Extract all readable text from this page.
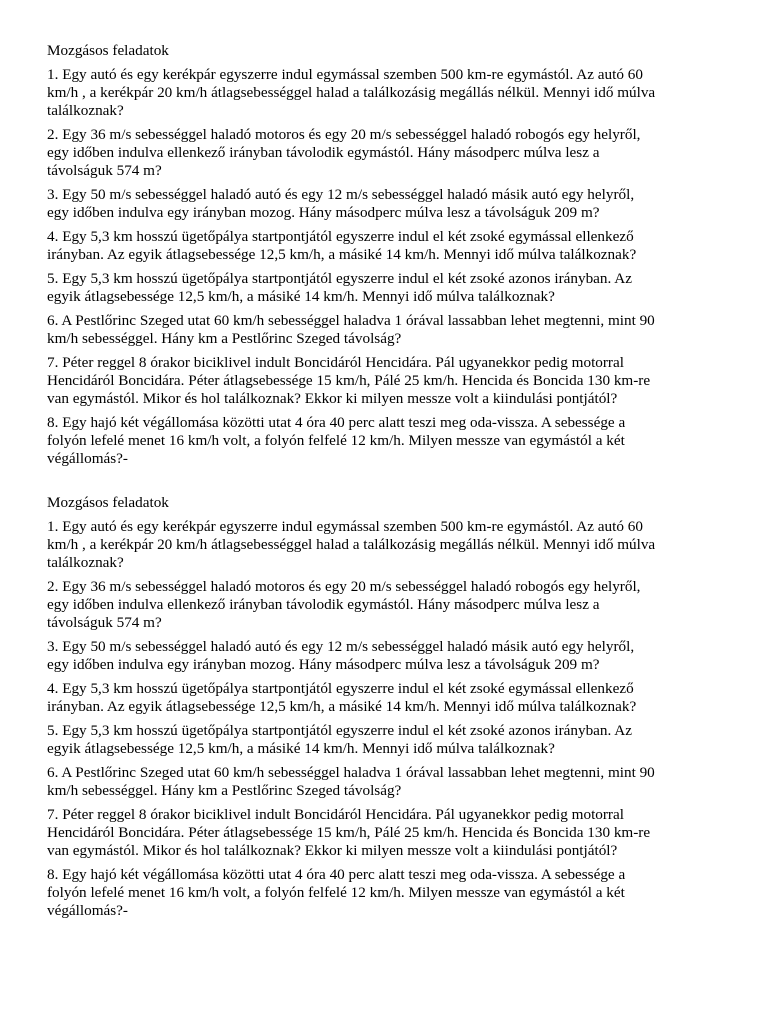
Mozgásos feladatok

1. Egy autó és egy kerékpár egyszerre indul egymással szemben 500 km-re egymástól. Az autó 60
km/h , a kerékpár 20 km/h átlagsebességgel halad a találkozásig megállás nélkül. Mennyi idő múlva
találkoznak?

2. Egy 36 m/s sebességgel haladó motoros és egy 20 m/s sebességgel haladó robogós egy helyről,
egy időben indulva ellenkező irányban távolodik egymástól. Hány másodperc múlva lesz a
távolságuk 574 m?

3. Egy 50 m/s sebességgel haladó autó és egy 12 m/s sebességgel haladó másik autó egy helyről,
egy időben indulva egy irányban mozog. Hány másodperc múlva lesz a távolságuk 209 m?

4. Egy 5,3 km hosszú ügetőpálya startpontjától egyszerre indul el két zsoké egymással ellenkező
irányban. Az egyik átlagsebessége 12,5 km/h, a másiké 14 km/h. Mennyi idő múlva találkoznak?

5. Egy 5,3 km hosszú ügetőpálya startpontjától egyszerre indul el két zsoké azonos irányban. Az
egyik átlagsebessége 12,5 km/h, a másiké 14 km/h. Mennyi idő múlva találkoznak?

6. A Pestlőrinc Szeged utat 60 km/h sebességgel haladva 1 órával lassabban lehet megtenni, mint 90
km/h sebességgel. Hány km a Pestlőrinc Szeged távolság?

7. Péter reggel 8 órakor biciklivel indult Boncidáról Hencidára. Pál ugyanekkor pedig motorral
Hencidáról Boncidára. Péter átlagsebessége 15 km/h, Pálé 25 km/h. Hencida és Boncida 130 km-re
van egymástól. Mikor és hol találkoznak? Ekkor ki milyen messze volt a kiindulási pontjától?

8. Egy hajó két végállomása közötti utat 4 óra 40 perc alatt teszi meg oda-vissza. A sebessége a
folyón lefelé menet 16 km/h volt, a folyón felfelé 12 km/h. Milyen messze van egymástól a két
végállomás?-

Mozgásos feladatok

1. Egy autó és egy kerékpár egyszerre indul egymással szemben 500 km-re egymástól. Az autó 60
km/h , a kerékpár 20 km/h átlagsebességgel halad a találkozásig megállás nélkül. Mennyi idő múlva
találkoznak?

2. Egy 36 m/s sebességgel haladó motoros és egy 20 m/s sebességgel haladó robogós egy helyről,
egy időben indulva ellenkező irányban távolodik egymástól. Hány másodperc múlva lesz a
távolságuk 574 m?

3. Egy 50 m/s sebességgel haladó autó és egy 12 m/s sebességgel haladó másik autó egy helyről,
egy időben indulva egy irányban mozog. Hány másodperc múlva lesz a távolságuk 209 m?

4. Egy 5,3 km hosszú ügetőpálya startpontjától egyszerre indul el két zsoké egymással ellenkező
irányban. Az egyik átlagsebessége 12,5 km/h, a másiké 14 km/h. Mennyi idő múlva találkoznak?

5. Egy 5,3 km hosszú ügetőpálya startpontjától egyszerre indul el két zsoké azonos irányban. Az
egyik átlagsebessége 12,5 km/h, a másiké 14 km/h. Mennyi idő múlva találkoznak?

6. A Pestlőrinc Szeged utat 60 km/h sebességgel haladva 1 órával lassabban lehet megtenni, mint 90
km/h sebességgel. Hány km a Pestlőrinc Szeged távolság?

7. Péter reggel 8 órakor biciklivel indult Boncidáról Hencidára. Pál ugyanekkor pedig motorral
Hencidáról Boncidára. Péter átlagsebessége 15 km/h, Pálé 25 km/h. Hencida és Boncida 130 km-re
van egymástól. Mikor és hol találkoznak? Ekkor ki milyen messze volt a kiindulási pontjától?

8. Egy hajó két végállomása közötti utat 4 óra 40 perc alatt teszi meg oda-vissza. A sebessége a
folyón lefelé menet 16 km/h volt, a folyón felfelé 12 km/h. Milyen messze van egymástól a két
végállomás?-
